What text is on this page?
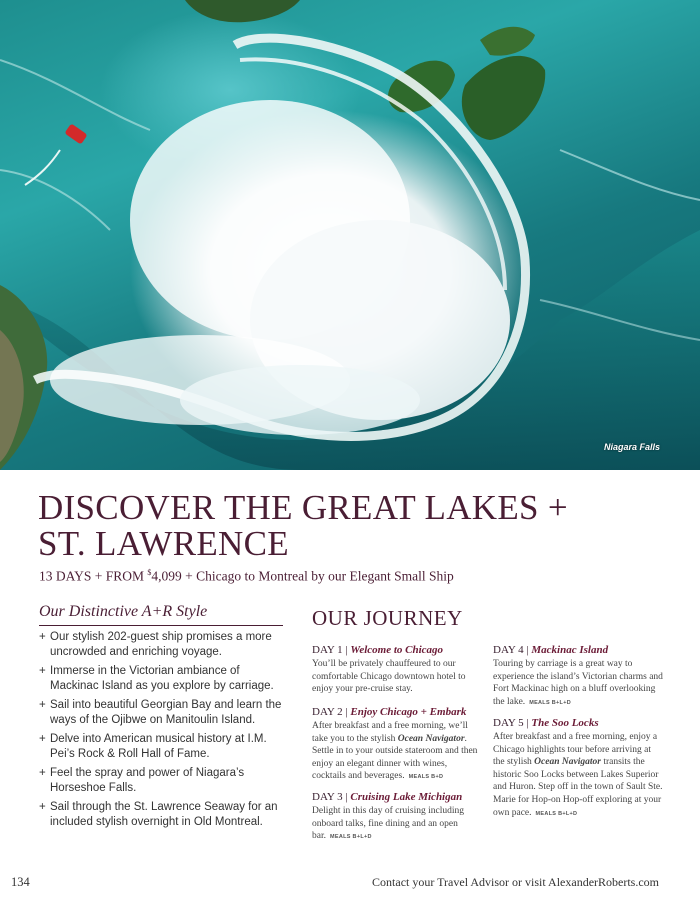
Niagara Falls
DISCOVER THE GREAT LAKES +
ST. LAWRENCE
13 DAYS + FROM $4,099 + Chicago to Montreal by our Elegant Small Ship
Our Distinctive A+R Style
+ Our stylish 202-guest ship promises a more uncrowded and enriching voyage.
+ Immerse in the Victorian ambiance of Mackinac Island as you explore by carriage.
+ Sail into beautiful Georgian Bay and learn the ways of the Ojibwe on Manitoulin Island.
+ Delve into American musical history at I.M. Pei’s Rock & Roll Hall of Fame.
+ Feel the spray and power of Niagara’s Horseshoe Falls.
+ Sail through the St. Lawrence Seaway for an included stylish overnight in Old Montreal.
OUR JOURNEY
DAY 1 | Welcome to Chicago
You’ll be privately chauffeured to our comfortable Chicago downtown hotel to enjoy your pre-cruise stay.
DAY 2 | Enjoy Chicago + Embark
After breakfast and a free morning, we’ll take you to the stylish Ocean Navigator. Settle in to your outside stateroom and then enjoy an elegant dinner with wines, cocktails and beverages. MEALS B+D
DAY 3 | Cruising Lake Michigan
Delight in this day of cruising including onboard talks, fine dining and an open bar. MEALS B+L+D
DAY 4 | Mackinac Island
Touring by carriage is a great way to experience the island’s Victorian charms and Fort Mackinac high on a bluff overlooking the lake. MEALS B+L+D
DAY 5 | The Soo Locks
After breakfast and a free morning, enjoy a Chicago highlights tour before arriving at the stylish Ocean Navigator transits the historic Soo Locks between Lakes Superior and Huron. Step off in the town of Sault Ste. Marie for Hop-on Hop-off exploring at your own pace. MEALS B+L+D
134	Contact your Travel Advisor or visit AlexanderRoberts.com
